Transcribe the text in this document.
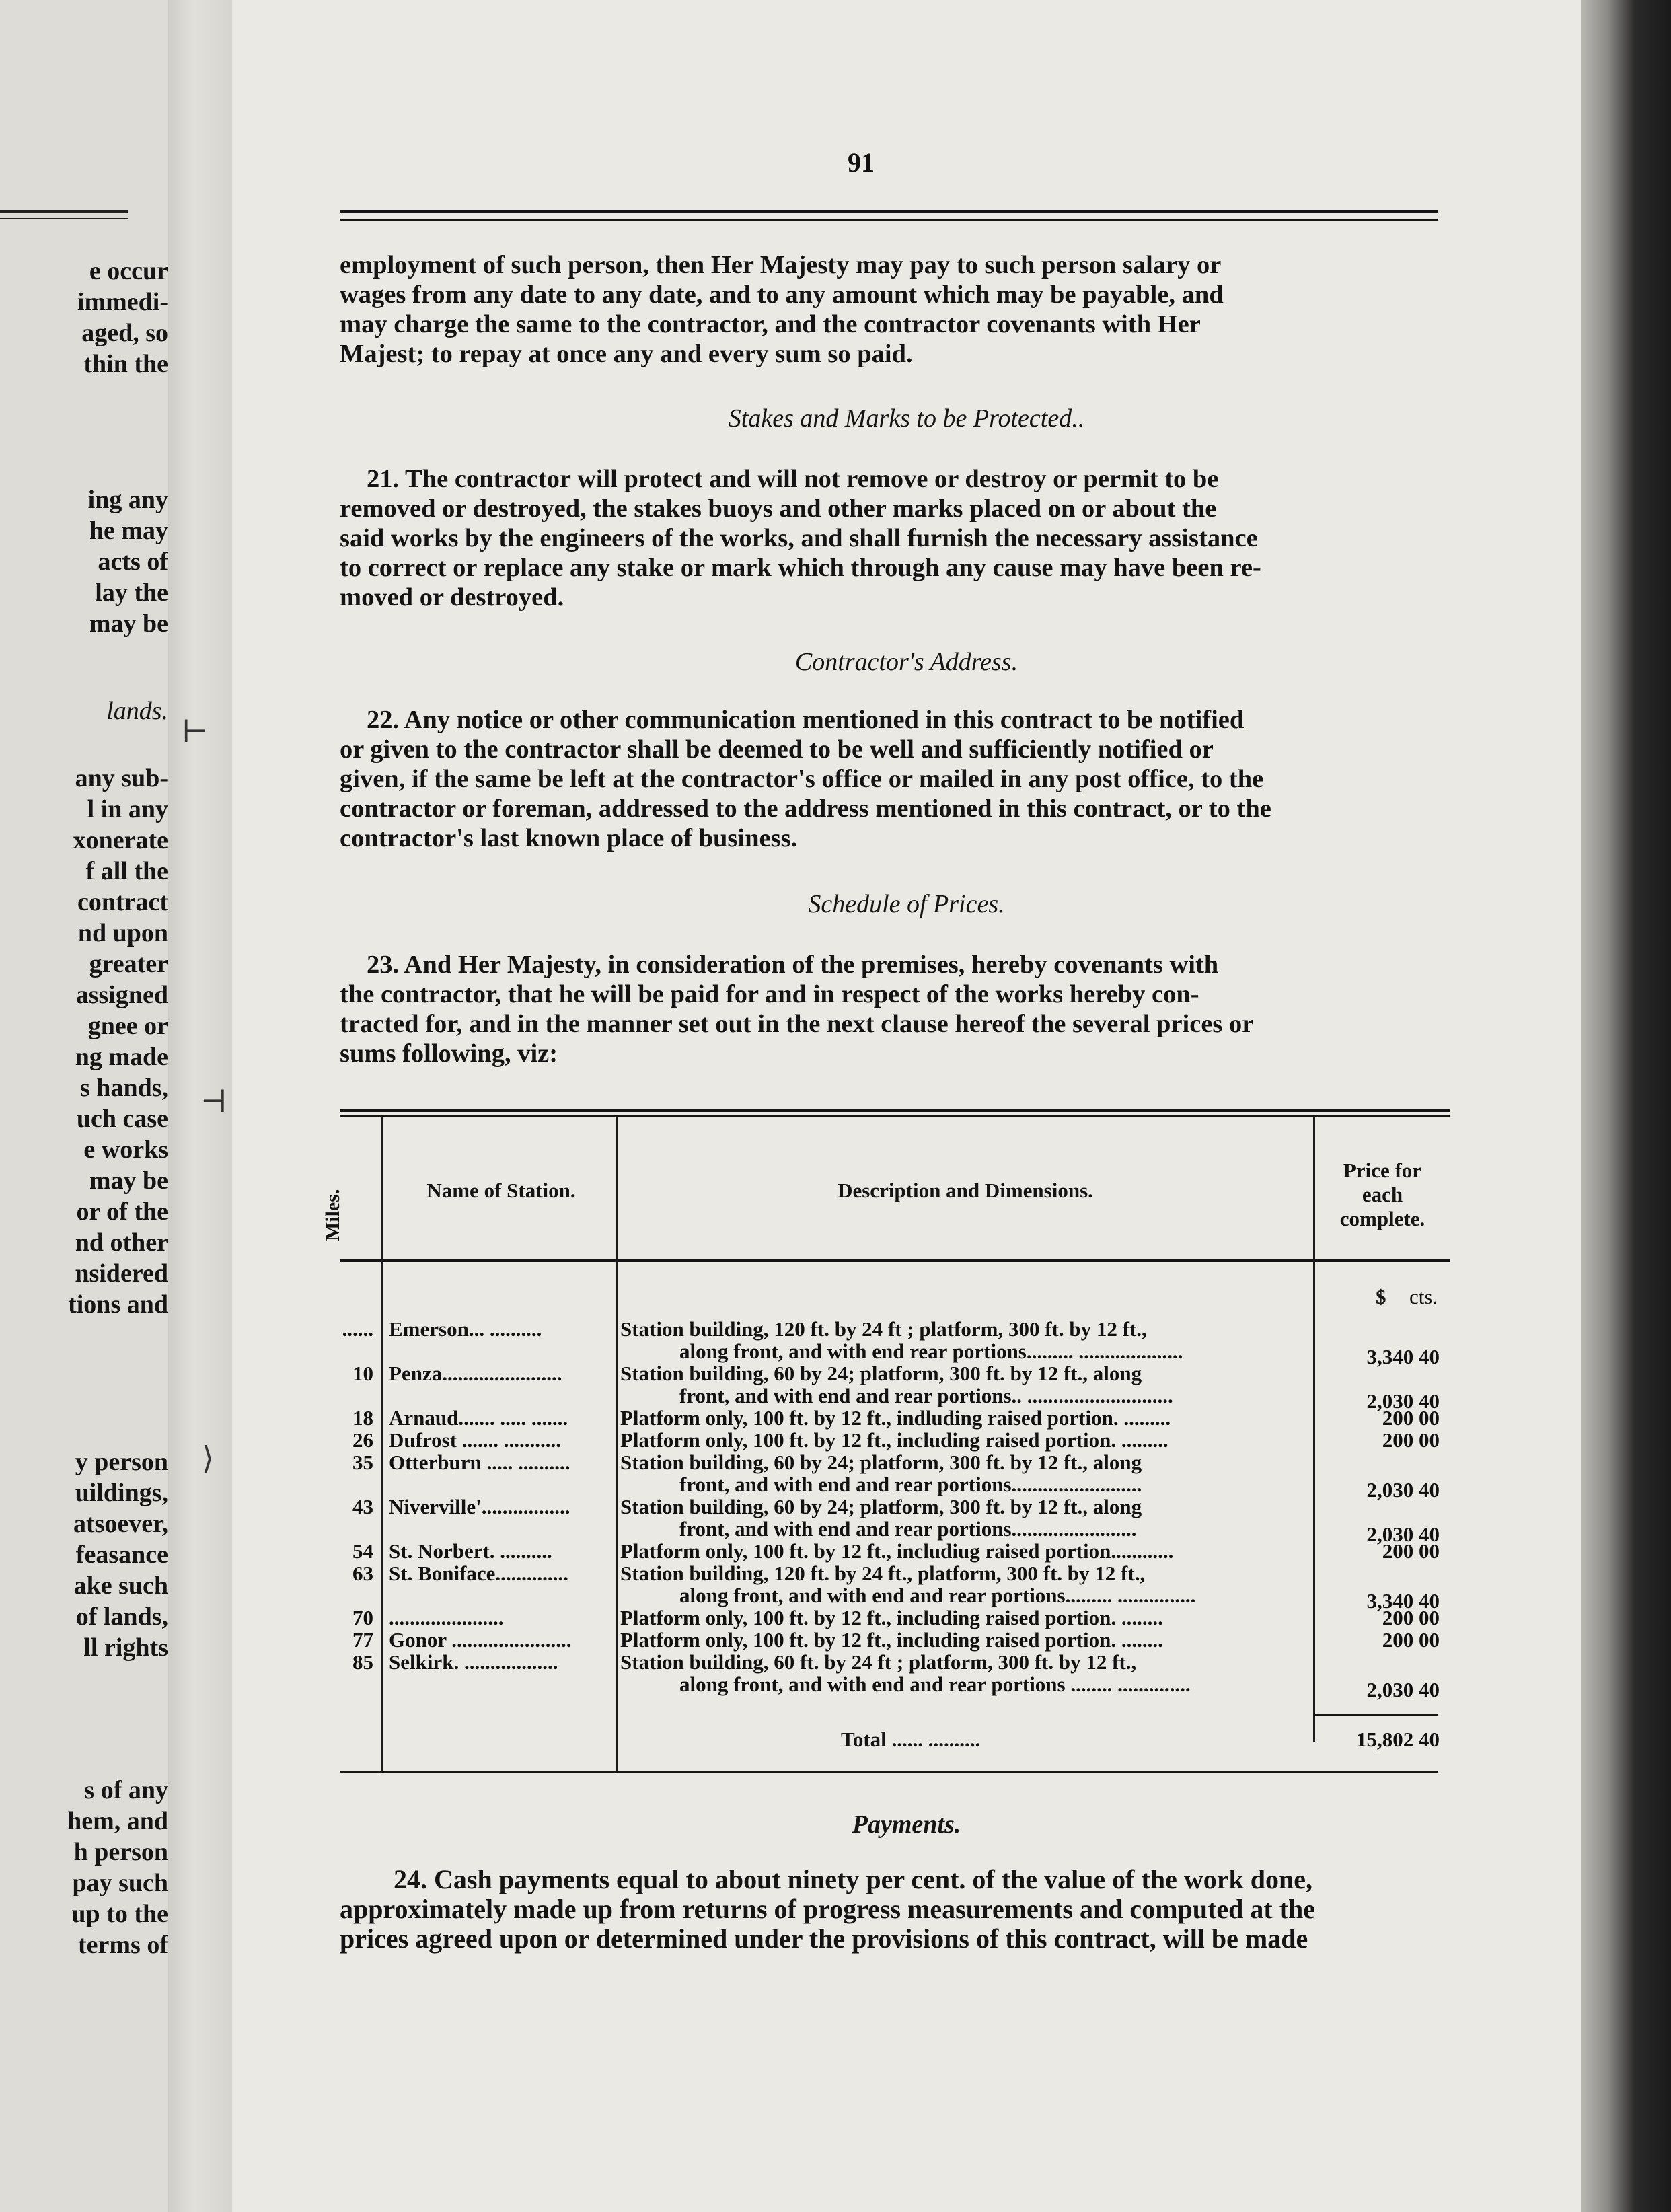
e occur
immedi-
aged, so
thin the
ing any
he may
acts of
lay the
may be
lands.
any sub-
l in any
xonerate
f all the
contract
nd upon
greater
assigned
gnee or
ng made
s hands,
uch case
e works
may be
or of the
nd other
nsidered
tions and
y person
uildings,
atsoever,
feasance
ake such
of lands,
ll rights
s of any
hem, and
h person
pay such
up to the
terms of
91
employment of such person, then Her Majesty may pay to such person salary or
wages from any date to any date, and to any amount which may be payable, and
may charge the same to the contractor, and the contractor covenants with Her
Majest; to repay at once any and every sum so paid.
Stakes and Marks to be Protected..
21. The contractor will protect and will not remove or destroy or permit to be
removed or destroyed, the stakes buoys and other marks placed on or about the
said works by the engineers of the works, and shall furnish the necessary assistance
to correct or replace any stake or mark which through any cause may have been re-
moved or destroyed.
Contractor's Address.
22. Any notice or other communication mentioned in this contract to be notified
or given to the contractor shall be deemed to be well and sufficiently notified or
given, if the same be left at the contractor's office or mailed in any post office, to the
contractor or foreman, addressed to the address mentioned in this contract, or to the
contractor's last known place of business.
Schedule of Prices.
23. And Her Majesty, in consideration of the premises, hereby covenants with
the contractor, that he will be paid for and in respect of the works hereby con-
tracted for, and in the manner set out in the next clause hereof the several prices or
sums following, viz:
Miles.	Name of Station.	Description and Dimensions.
Price for
each
complete.
$ cts.
...... Emerson... ..........	Station building, 120 ft. by 24 ft ; platform, 300 ft. by 12 ft.,
along front, and with end rear portions......... ....................	3,340 40
10 Penza.......................	Station building, 60 by 24; platform, 300 ft. by 12 ft., along
front, and with end and rear portions.. ............................	2,030 40
18 Arnaud....... ..... .......	Platform only, 100 ft. by 12 ft., indluding raised portion. .........	200 00
26 Dufrost ....... ...........	Platform only, 100 ft. by 12 ft., including raised portion. .........	200 00
35 Otterburn ..... .......... Station building, 60 by 24; platform, 300 ft. by 12 ft., along
front, and with end and rear portions.........................	2,030 40
43 Niverville'................. Station building, 60 by 24; platform, 300 ft. by 12 ft., along
front, and with end and rear portions........................	2,030 40
54 St. Norbert. ..........	Platform only, 100 ft. by 12 ft., includiug raised portion............	200 00
63 St. Boniface.............. Station building, 120 ft. by 24 ft., platform, 300 ft. by 12 ft.,
along front, and with end and rear portions......... ...............	3,340 40
70 ......................	Platform only, 100 ft. by 12 ft., including raised portion. ........	200 00
77 Gonor ....................... Platform only, 100 ft. by 12 ft., including raised portion. ........	200 00
85 Selkirk. ..................	Station building, 60 ft. by 24 ft ; platform, 300 ft. by 12 ft.,
along front, and with end and rear portions ........ ..............	2,030 40
Total ...... ..........	15,802 40
Payments.
24. Cash payments equal to about ninety per cent. of the value of the work done,
approximately made up from returns of progress measurements and computed at the
prices agreed upon or determined under the provisions of this contract, will be made
⊢
⊣
⟩
